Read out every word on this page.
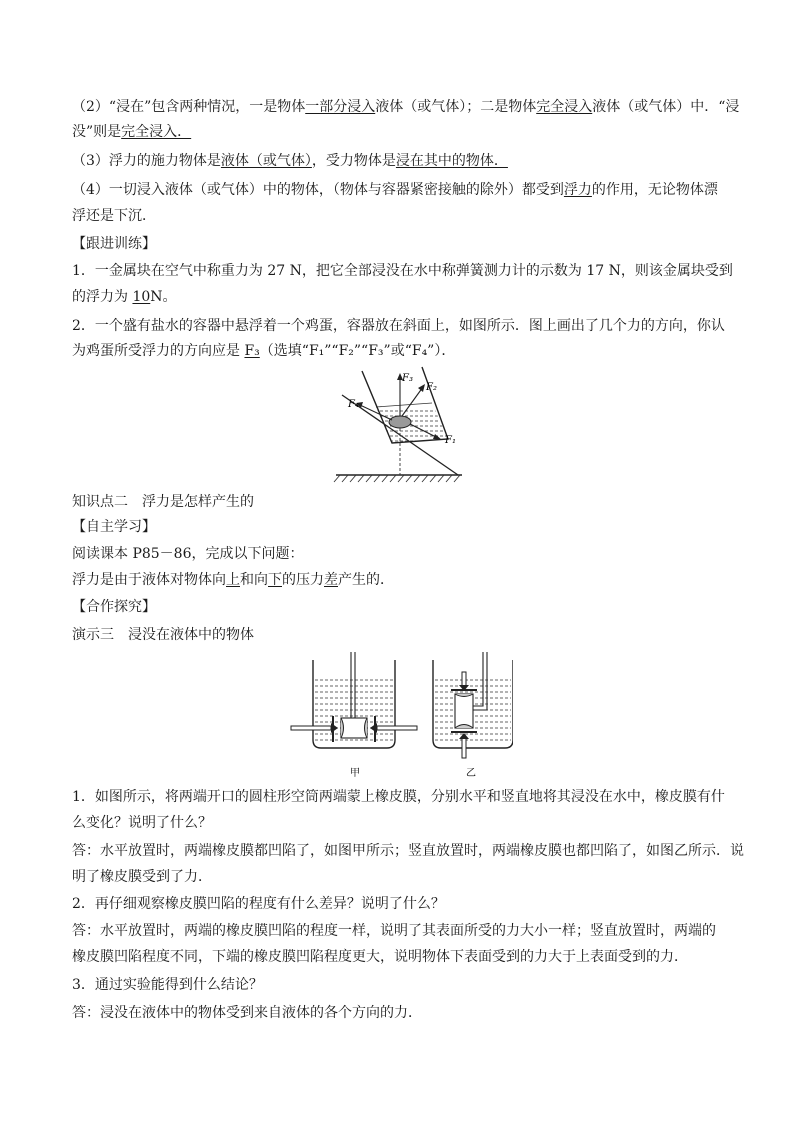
（2）“浸在”包含两种情况，一是物体一部分浸入液体（或气体）；二是物体完全浸入液体（或气体）中．“浸
没”则是完全浸入．
（3）浮力的施力物体是液体（或气体），受力物体是浸在其中的物体．
（4）一切浸入液体（或气体）中的物体，（物体与容器紧密接触的除外）都受到浮力的作用，无论物体漂
浮还是下沉．
【跟进训练】
1．一金属块在空气中称重力为 27 N，把它全部浸没在水中称弹簧测力计的示数为 17 N，则该金属块受到
的浮力为 10N。
2．一个盛有盐水的容器中悬浮着一个鸡蛋，容器放在斜面上，如图所示．图上画出了几个力的方向，你认
为鸡蛋所受浮力的方向应是 F₃（选填“F₁”“F₂”“F₃”或“F₄”）．
F₁
F₂
F₃
F₄
知识点二　浮力是怎样产生的
【自主学习】
阅读课本 P85－86，完成以下问题：
浮力是由于液体对物体向上和向下的压力差产生的．
【合作探究】
演示三　浸没在液体中的物体
甲	乙
1．如图所示，将两端开口的圆柱形空筒两端蒙上橡皮膜，分别水平和竖直地将其浸没在水中，橡皮膜有什
么变化？说明了什么？
答：水平放置时，两端橡皮膜都凹陷了，如图甲所示；竖直放置时，两端橡皮膜也都凹陷了，如图乙所示．说
明了橡皮膜受到了力．
2．再仔细观察橡皮膜凹陷的程度有什么差异？说明了什么？
答：水平放置时，两端的橡皮膜凹陷的程度一样，说明了其表面所受的力大小一样；竖直放置时，两端的
橡皮膜凹陷程度不同，下端的橡皮膜凹陷程度更大，说明物体下表面受到的力大于上表面受到的力．
3．通过实验能得到什么结论？
答：浸没在液体中的物体受到来自液体的各个方向的力．
